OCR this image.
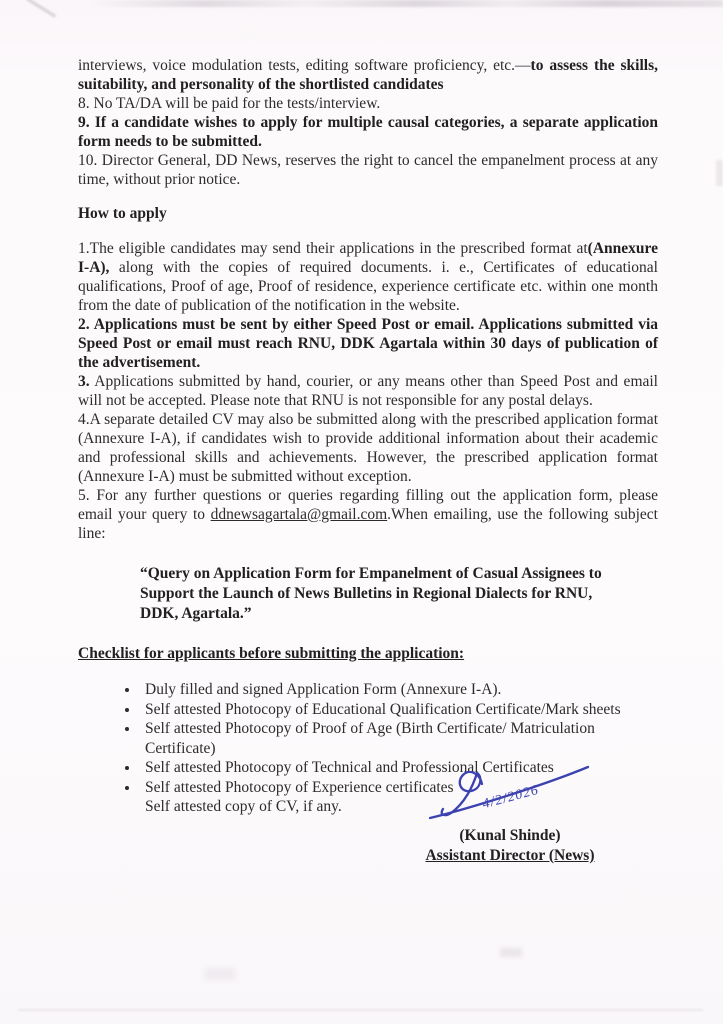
interviews, voice modulation tests, editing software proficiency, etc.—to assess the skills, suitability, and personality of the shortlisted candidates

8. No TA/DA will be paid for the tests/interview.

9. If a candidate wishes to apply for multiple causal categories, a separate application form needs to be submitted.

10. Director General, DD News, reserves the right to cancel the empanelment process at any time, without prior notice.

How to apply

1.The eligible candidates may send their applications in the prescribed format at(Annexure I-A), along with the copies of required documents. i. e., Certificates of educational qualifications, Proof of age, Proof of residence, experience certificate etc. within one month from the date of publication of the notification in the website.

2. Applications must be sent by either Speed Post or email. Applications submitted via Speed Post or email must reach RNU, DDK Agartala within 30 days of publication of the advertisement.

3. Applications submitted by hand, courier, or any means other than Speed Post and email will not be accepted. Please note that RNU is not responsible for any postal delays.

4.A separate detailed CV may also be submitted along with the prescribed application format (Annexure I-A), if candidates wish to provide additional information about their academic and professional skills and achievements. However, the prescribed application format (Annexure I-A) must be submitted without exception.

5. For any further questions or queries regarding filling out the application form, please email your query to ddnewsagartala@gmail.com.When emailing, use the following subject line:

“Query on Application Form for Empanelment of Casual Assignees to Support the Launch of News Bulletins in Regional Dialects for RNU, DDK, Agartala.”
Checklist for applicants before submitting the application:
• Duly filled and signed Application Form (Annexure I-A).
• Self attested Photocopy of Educational Qualification Certificate/Mark sheets
• Self attested Photocopy of Proof of Age (Birth Certificate/ Matriculation Certificate)
• Self attested Photocopy of Technical and Professional Certificates
• Self attested Photocopy of Experience certificates
Self attested copy of CV, if any.	4/2/2026
(Kunal Shinde)
Assistant Director (News)
